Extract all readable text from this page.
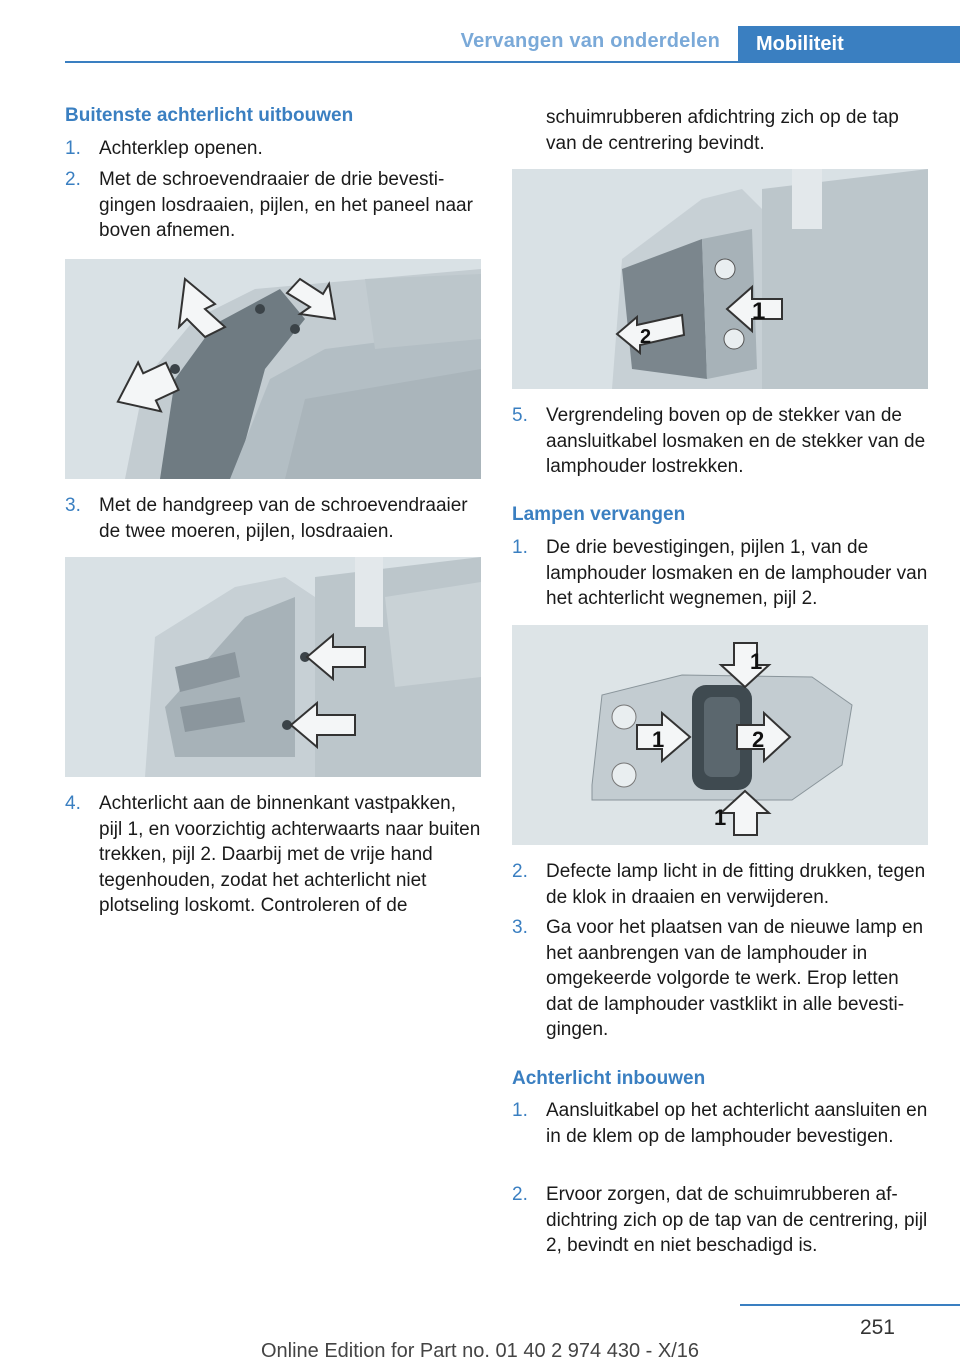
Vervangen van onderdelen	Mobiliteit
Buitenste achterlicht uitbouwen
1. Achterklep openen.
2. Met de schroevendraaier de drie bevestigingen losdraaien, pijlen, en het paneel naar boven afnemen.
3. Met de handgreep van de schroevendraaier de twee moeren, pijlen, losdraaien.
4. Achterlicht aan de binnenkant vastpakken, pijl 1, en voorzichtig achterwaarts naar buiten trekken, pijl 2. Daarbij met de vrije hand tegenhouden, zodat het achterlicht niet plotseling loskomt. Controleren of de
schuimrubberen afdichtring zich op de tap van de centrering bevindt.
1
2
5. Vergrendeling boven op de stekker van de aansluitkabel losmaken en de stekker van de lamphouder lostrekken.
Lampen vervangen
1. De drie bevestigingen, pijlen 1, van de lamphouder losmaken en de lamphouder van het achterlicht wegnemen, pijl 2.
1
1	2
1
2. Defecte lamp licht in de fitting drukken, tegen de klok in draaien en verwijderen.
3. Ga voor het plaatsen van de nieuwe lamp en het aanbrengen van de lamphouder in omgekeerde volgorde te werk. Erop letten dat de lamphouder vastklikt in alle bevestigingen.
Achterlicht inbouwen
1. Aansluitkabel op het achterlicht aansluiten en in de klem op de lamphouder bevestigen.
2. Ervoor zorgen, dat de schuimrubberen afdichtring zich op de tap van de centrering, pijl 2, bevindt en niet beschadigd is.
251
Online Edition for Part no. 01 40 2 974 430 - X/16
